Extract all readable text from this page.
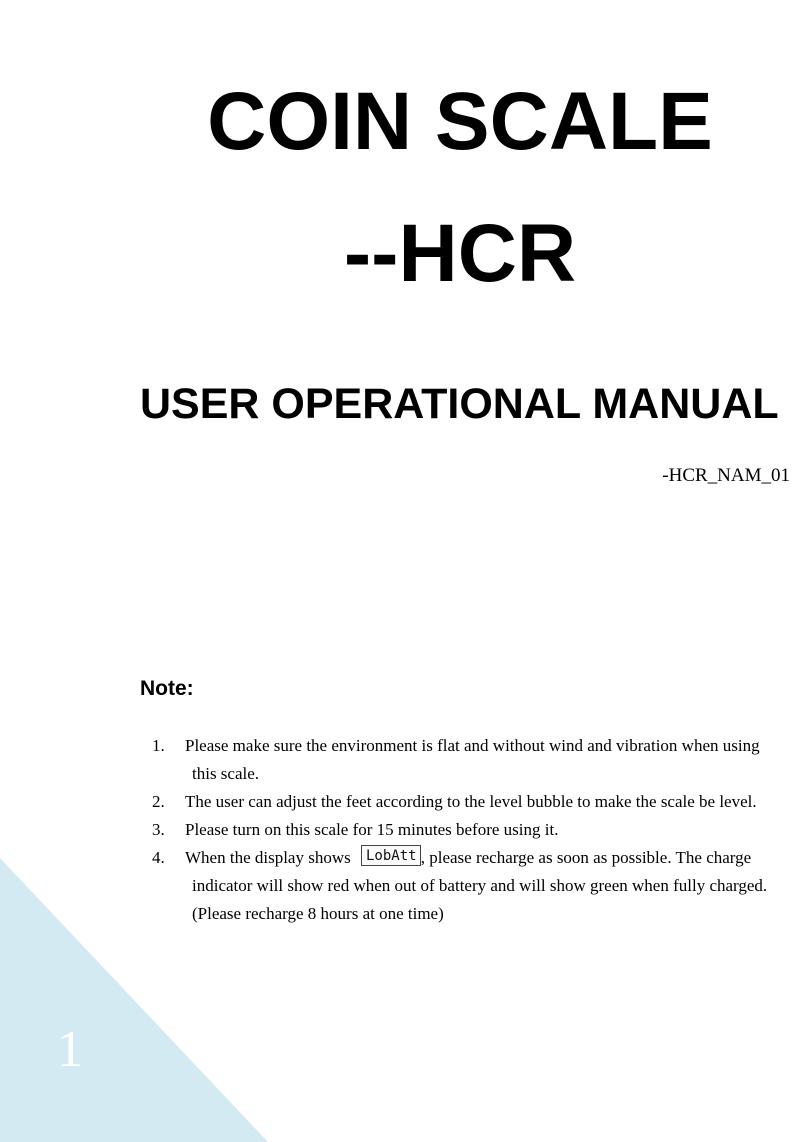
COIN SCALE
--HCR
USER OPERATIONAL MANUAL
-HCR_NAM_01
Note:
1. Please make sure the environment is flat and without wind and vibration when using this scale.
2. The user can adjust the feet according to the level bubble to make the scale be level.
3. Please turn on this scale for 15 minutes before using it.
4. When the display shows LobAtt , please recharge as soon as possible. The charge indicator will show red when out of battery and will show green when fully charged. (Please recharge 8 hours at one time)
1
